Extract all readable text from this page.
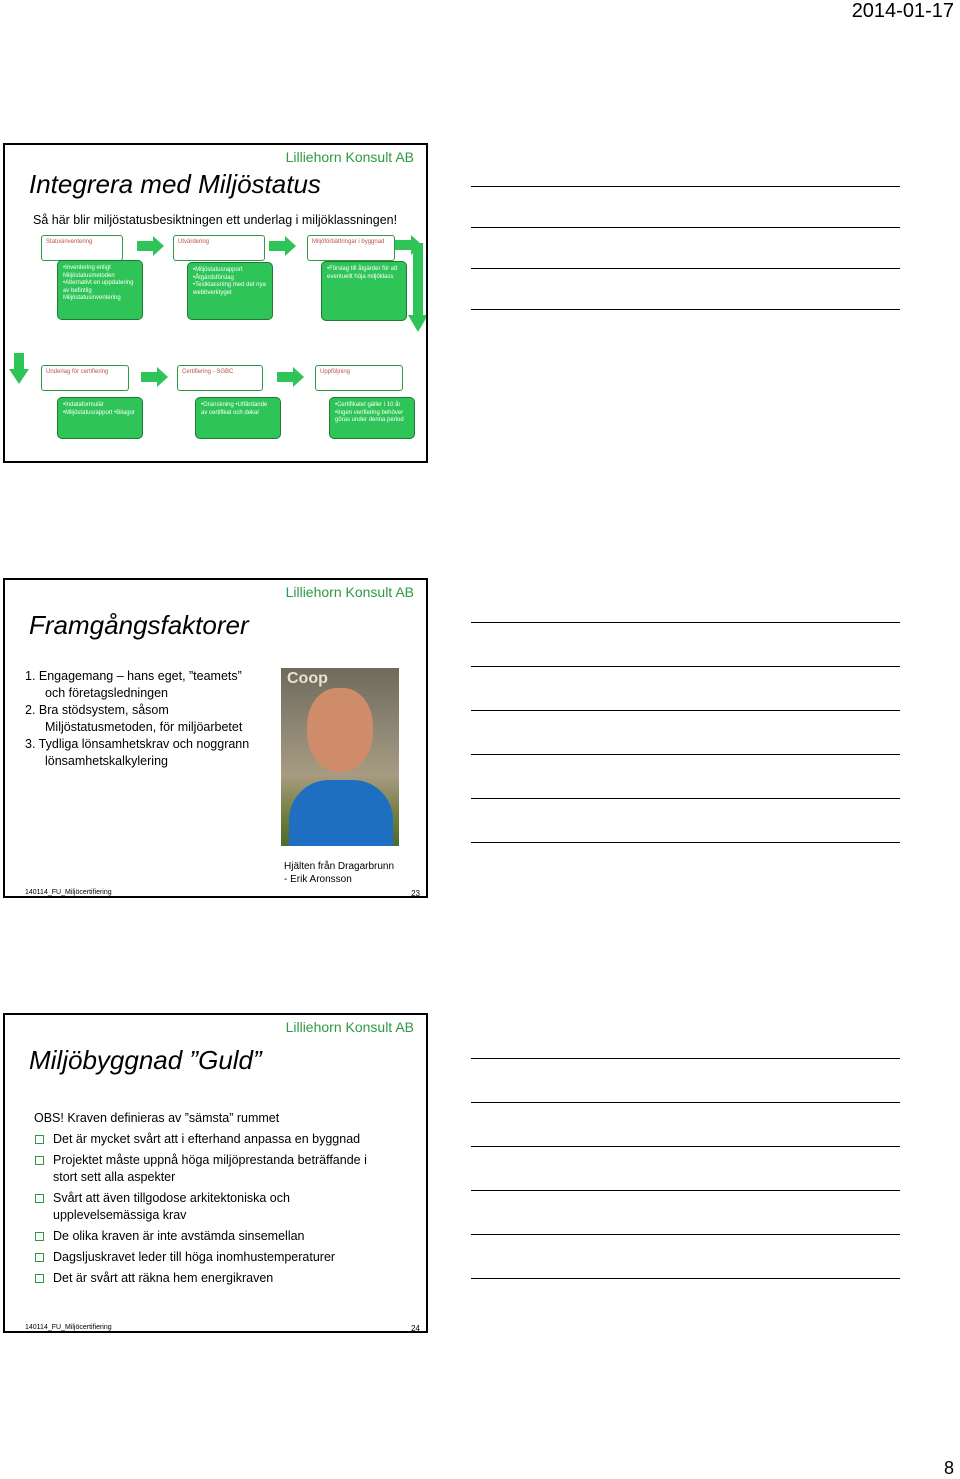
2014-01-17
Lilliehorn Konsult AB
Integrera med Miljöstatus
Så här blir miljöstatusbesiktningen ett underlag i miljöklassningen!
Statusinventering	Utvärdering	Miljöförbättringar i byggnad
•Inventering enligt Miljöstatusmetoden •Alternativt en uppdatering av befintlig Miljöstatusinventering
•Miljöstatusrapport •Åtgärdsförslag •Testklassning med det nya webbverktyget
•Förslag till åtgärder för att eventuellt höja miljöklass
Underlag för certifiering	Certifiering - SGBC	Uppföljning
•Indataformulär •Miljöstatusrapport •Bilagor
•Granskning •Utfärdande av certifikat och dekal
•Certifikatet gäller i 10 år •Ingen verifiering behöver göras under denna period
Lilliehorn Konsult AB
Framgångsfaktorer
1. Engagemang – hans eget, ”teamets” och företagsledningen
2. Bra stödsystem, såsom Miljöstatusmetoden, för miljöarbetet
3. Tydliga lönsamhetskrav och noggrann lönsamhetskalkylering
Coop
Hjälten från Dragarbrunn
- Erik Aronsson
140114_FU_Miljöcertifiering	23
Lilliehorn Konsult AB
Miljöbyggnad ”Guld”
OBS! Kraven definieras av ”sämsta” rummet
Det är mycket svårt att i efterhand anpassa en byggnad
Projektet måste uppnå höga miljöprestanda beträffande i stort sett alla aspekter
Svårt att även tillgodose arkitektoniska och upplevelsemässiga krav
De olika kraven är inte avstämda sinsemellan
Dagsljuskravet leder till höga inomhustemperaturer
Det är svårt att räkna hem energikraven
140114_FU_Miljöcertifiering	24
8
